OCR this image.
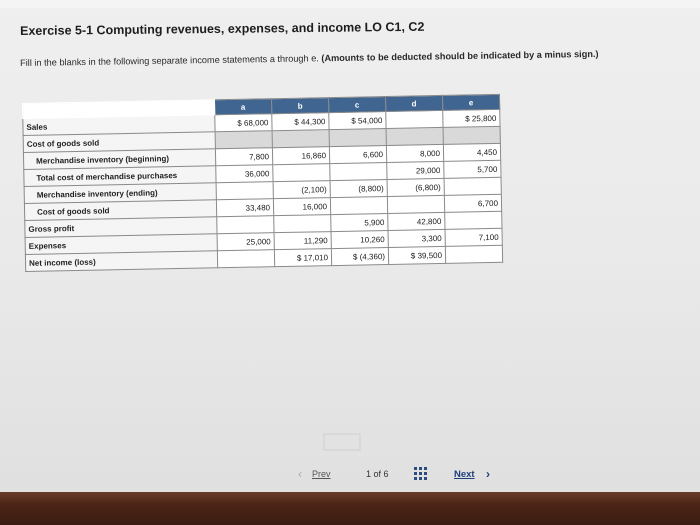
Exercise 5-1 Computing revenues, expenses, and income LO C1, C2
Fill in the blanks in the following separate income statements a through e. (Amounts to be deducted should be indicated by a minus sign.)
	a	b	c	d	e
Sales	$ 68,000	$ 44,300	$ 54,000		$ 25,800
Cost of goods sold					
Merchandise inventory (beginning)	7,800	16,860	6,600	8,000	4,450
Total cost of merchandise purchases	36,000			29,000	5,700
Merchandise inventory (ending)		(2,100)	(8,800)	(6,800)	
Cost of goods sold	33,480	16,000			6,700
Gross profit			5,900	42,800	
Expenses	25,000	11,290	10,260	3,300	7,100
Net income (loss)		$ 17,010	$ (4,360)	$ 39,500	
‹ Prev	1 of 6	Next ›
